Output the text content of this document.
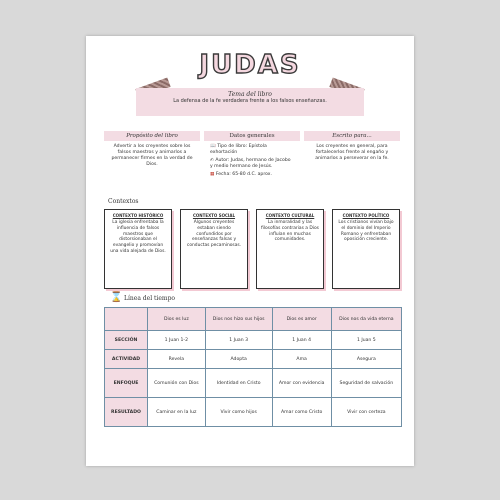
JUDAS
Tema del libro
La defensa de la fe verdadera frente a los falsos enseñanzas.
Propósito del libro
Advertir a los creyentes sobre los falsos maestros y animarlos a permanecer firmes en la verdad de Dios.
Datos generales
📖 Tipo de libro: Epístola exhortación
✍ Autor: Judas, hermano de Jacobo y medio hermano de Jesús.
▦ Fecha: 65-80 d.C. aprox.
Escrito para...
Los creyentes en general, para fortalecerlos frente al engaño y animarlos a perseverar en la fe.
Contextos
CONTEXTO HISTÓRICO
La iglesia enfrentaba la influencia de falsos maestros que distorsionaban el evangelio y promovían una vida alejada de Dios.
CONTEXTO SOCIAL
Algunos creyentes estaban siendo confundidos por enseñanzas falsas y conductas pecaminosas.
CONTEXTO CULTURAL
La inmoralidad y las filosofías contrarias a Dios influían en muchas comunidades.
CONTEXTO POLÍTICO
Los cristianos vivían bajo el dominio del Imperio Romano y enfrentaban oposición creciente.
⌛ Línea del tiempo
	Dios es luz	Dios nos hizo sus hijos	Dios es amor	Dios nos da vida eterna
SECCIÓN	1 Juan 1-2	1 Juan 3	1 Juan 4	1 Juan 5
ACTIVIDAD	Revela	Adopta	Ama	Asegura
ENFOQUE	Comunión con Dios	Identidad en Cristo	Amor con evidencia	Seguridad de salvación
RESULTADO	Caminar en la luz	Vivir como hijos	Amar como Cristo	Vivir con certeza
